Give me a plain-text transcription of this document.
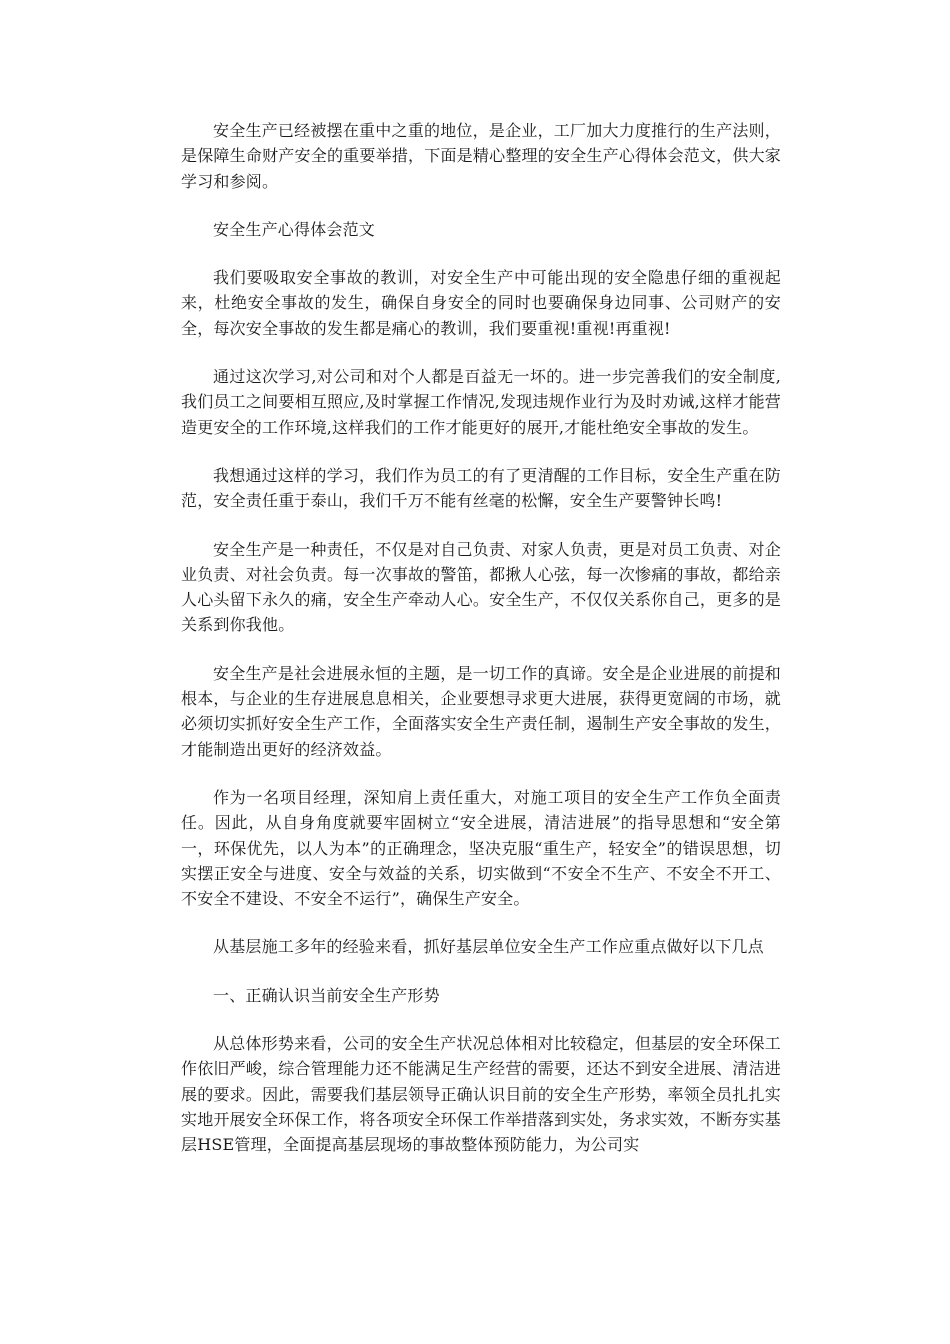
安全生产已经被摆在重中之重的地位，是企业，工厂加大力度推行的生产法则，是保障生命财产安全的重要举措，下面是精心整理的安全生产心得体会范文，供大家学习和参阅。

安全生产心得体会范文

我们要吸取安全事故的教训，对安全生产中可能出现的安全隐患仔细的重视起来，杜绝安全事故的发生，确保自身安全的同时也要确保身边同事、公司财产的安全，每次安全事故的发生都是痛心的教训，我们要重视!重视!再重视!

通过这次学习,对公司和对个人都是百益无一坏的。进一步完善我们的安全制度,我们员工之间要相互照应,及时掌握工作情况,发现违规作业行为及时劝诫,这样才能营造更安全的工作环境,这样我们的工作才能更好的展开,才能杜绝安全事故的发生。

我想通过这样的学习，我们作为员工的有了更清醒的工作目标，安全生产重在防范，安全责任重于泰山，我们千万不能有丝毫的松懈，安全生产要警钟长鸣!

安全生产是一种责任，不仅是对自己负责、对家人负责，更是对员工负责、对企业负责、对社会负责。每一次事故的警笛，都揪人心弦，每一次惨痛的事故，都给亲人心头留下永久的痛，安全生产牵动人心。安全生产，不仅仅关系你自己，更多的是关系到你我他。

安全生产是社会进展永恒的主题，是一切工作的真谛。安全是企业进展的前提和根本，与企业的生存进展息息相关，企业要想寻求更大进展，获得更宽阔的市场，就必须切实抓好安全生产工作，全面落实安全生产责任制，遏制生产安全事故的发生，才能制造出更好的经济效益。

作为一名项目经理，深知肩上责任重大，对施工项目的安全生产工作负全面责任。因此，从自身角度就要牢固树立“安全进展，清洁进展”的指导思想和“安全第一，环保优先，以人为本”的正确理念，坚决克服“重生产，轻安全”的错误思想，切实摆正安全与进度、安全与效益的关系，切实做到“不安全不生产、不安全不开工、不安全不建设、不安全不运行”，确保生产安全。

从基层施工多年的经验来看，抓好基层单位安全生产工作应重点做好以下几点

一、正确认识当前安全生产形势

从总体形势来看，公司的安全生产状况总体相对比较稳定，但基层的安全环保工作依旧严峻，综合管理能力还不能满足生产经营的需要，还达不到安全进展、清洁进展的要求。因此，需要我们基层领导正确认识目前的安全生产形势，率领全员扎扎实实地开展安全环保工作，将各项安全环保工作举措落到实处，务求实效，不断夯实基层HSE管理，全面提高基层现场的事故整体预防能力，为公司实
